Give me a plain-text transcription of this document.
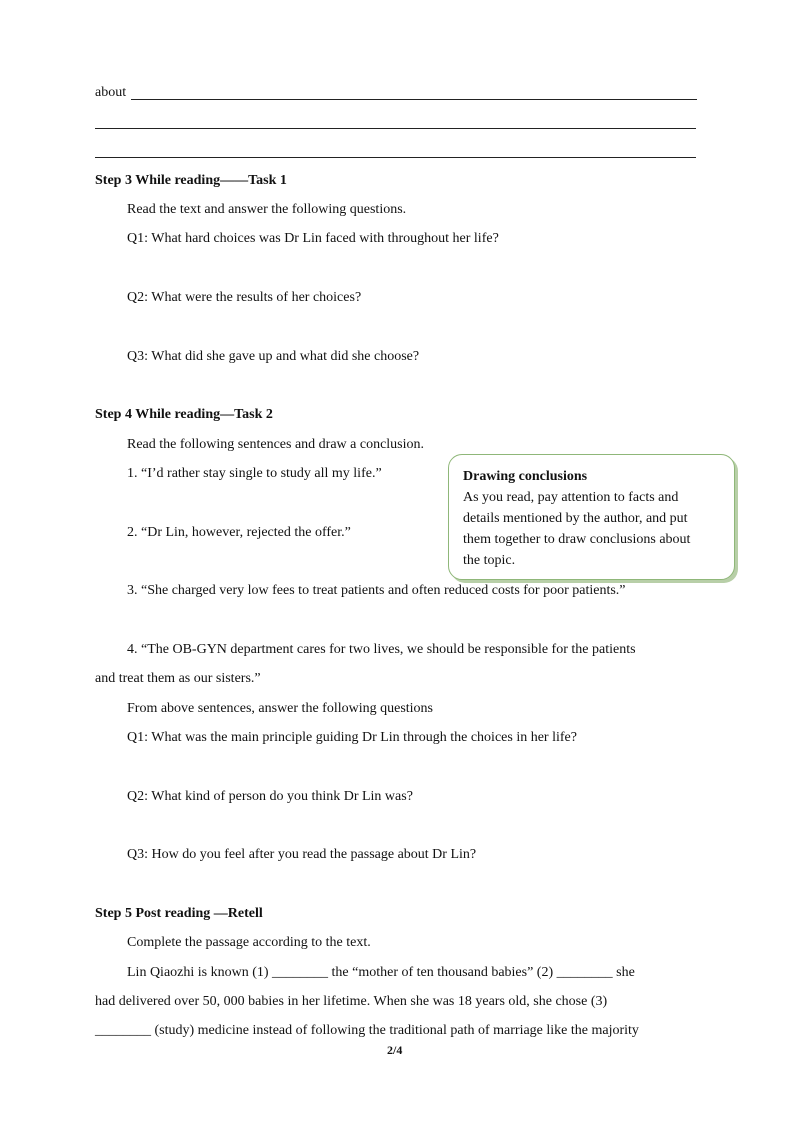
about
Step 3 While reading——Task 1
Read the text and answer the following questions.
Q1: What hard choices was Dr Lin faced with throughout her life?
Q2: What were the results of her choices?
Q3: What did she gave up and what did she choose?
Step 4 While reading—Task 2
Read the following sentences and draw a conclusion.
1. “I’d rather stay single to study all my life.”
2. “Dr Lin, however, rejected the offer.”
3. “She charged very low fees to treat patients and often reduced costs for poor patients.”
4. “The OB-GYN department cares for two lives, we should be responsible for the patients
and treat them as our sisters.”
From above sentences, answer the following questions
Q1: What was the main principle guiding Dr Lin through the choices in her life?
Q2: What kind of person do you think Dr Lin was?
Q3: How do you feel after you read the passage about Dr Lin?
Drawing conclusions
As you read, pay attention to facts and
details mentioned by the author, and put
them together to draw conclusions about
the topic.
Step 5 Post reading —Retell
Complete the passage according to the text.
Lin Qiaozhi is known (1) ________ the “mother of ten thousand babies” (2) ________ she
had delivered over 50, 000 babies in her lifetime. When she was 18 years old, she chose (3)
________ (study) medicine instead of following the traditional path of marriage like the majority
2/4
